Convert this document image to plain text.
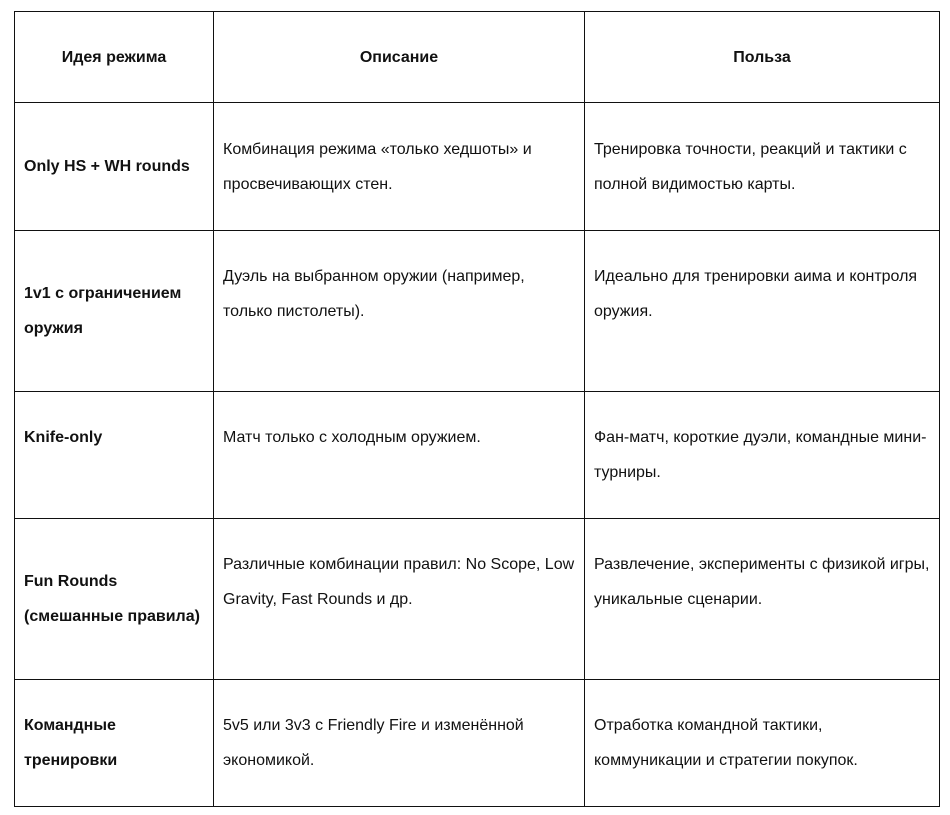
Идея режима	Описание	Польза

Only HS + WH rounds	Комбинация режима «только хедшоты» и просвечивающих стен.	Тренировка точности, реакций и тактики с полной видимостью карты.

1v1 с ограничением оружия	Дуэль на выбранном оружии (например, только пистолеты).	Идеально для тренировки аима и контроля оружия.

Knife-only	Матч только с холодным оружием.	Фан-матч, короткие дуэли, командные мини-турниры.

Fun Rounds (смешанные правила)	Различные комбинации правил: No Scope, Low Gravity, Fast Rounds и др.	Развлечение, эксперименты с физикой игры, уникальные сценарии.

Командные тренировки	5v5 или 3v3 с Friendly Fire и изменённой экономикой.	Отработка командной тактики, коммуникации и стратегии покупок.
